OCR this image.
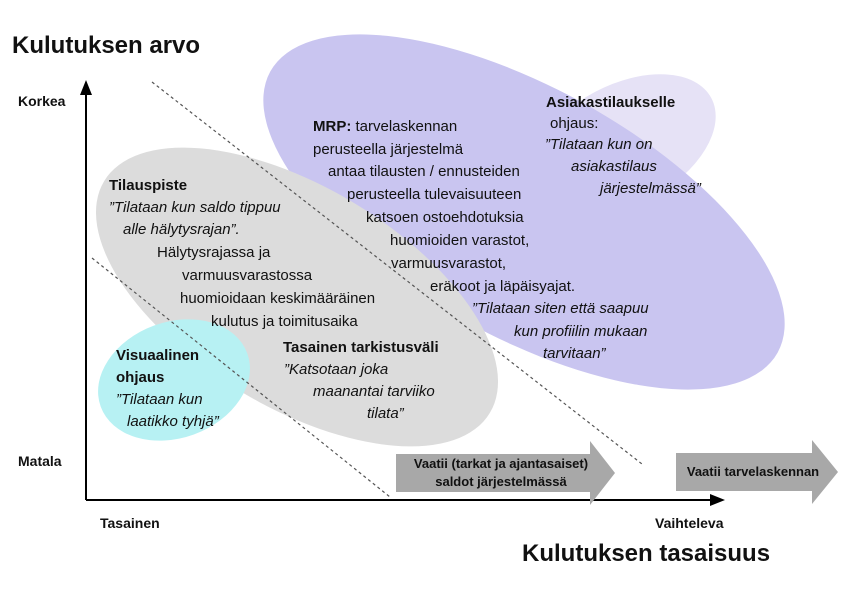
Kulutuksen arvo
Kulutuksen tasaisuus
Korkea
Matala
Tasainen	Vaihteleva
Asiakastilaukselle
ohjaus:
”Tilataan kun on
asiakastilaus
järjestelmässä”
MRP: tarvelaskennan
perusteella järjestelmä
antaa tilausten / ennusteiden
perusteella tulevaisuuteen
katsoen ostoehdotuksia
huomioiden varastot,
varmuusvarastot,
eräkoot ja läpäisyajat.
”Tilataan siten että saapuu
kun profiilin mukaan
tarvitaan”
Tilauspiste
”Tilataan kun saldo tippuu
alle hälytysrajan”.
Hälytysrajassa ja
varmuusvarastossa
huomioidaan keskimääräinen
kulutus ja toimitusaika
Tasainen tarkistusväli
”Katsotaan joka
maanantai tarviiko
tilata”
Visuaalinen
ohjaus
”Tilataan kun
laatikko tyhjä”
Vaatii (tarkat ja ajantasaiset)
saldot järjestelmässä
Vaatii tarvelaskennan
